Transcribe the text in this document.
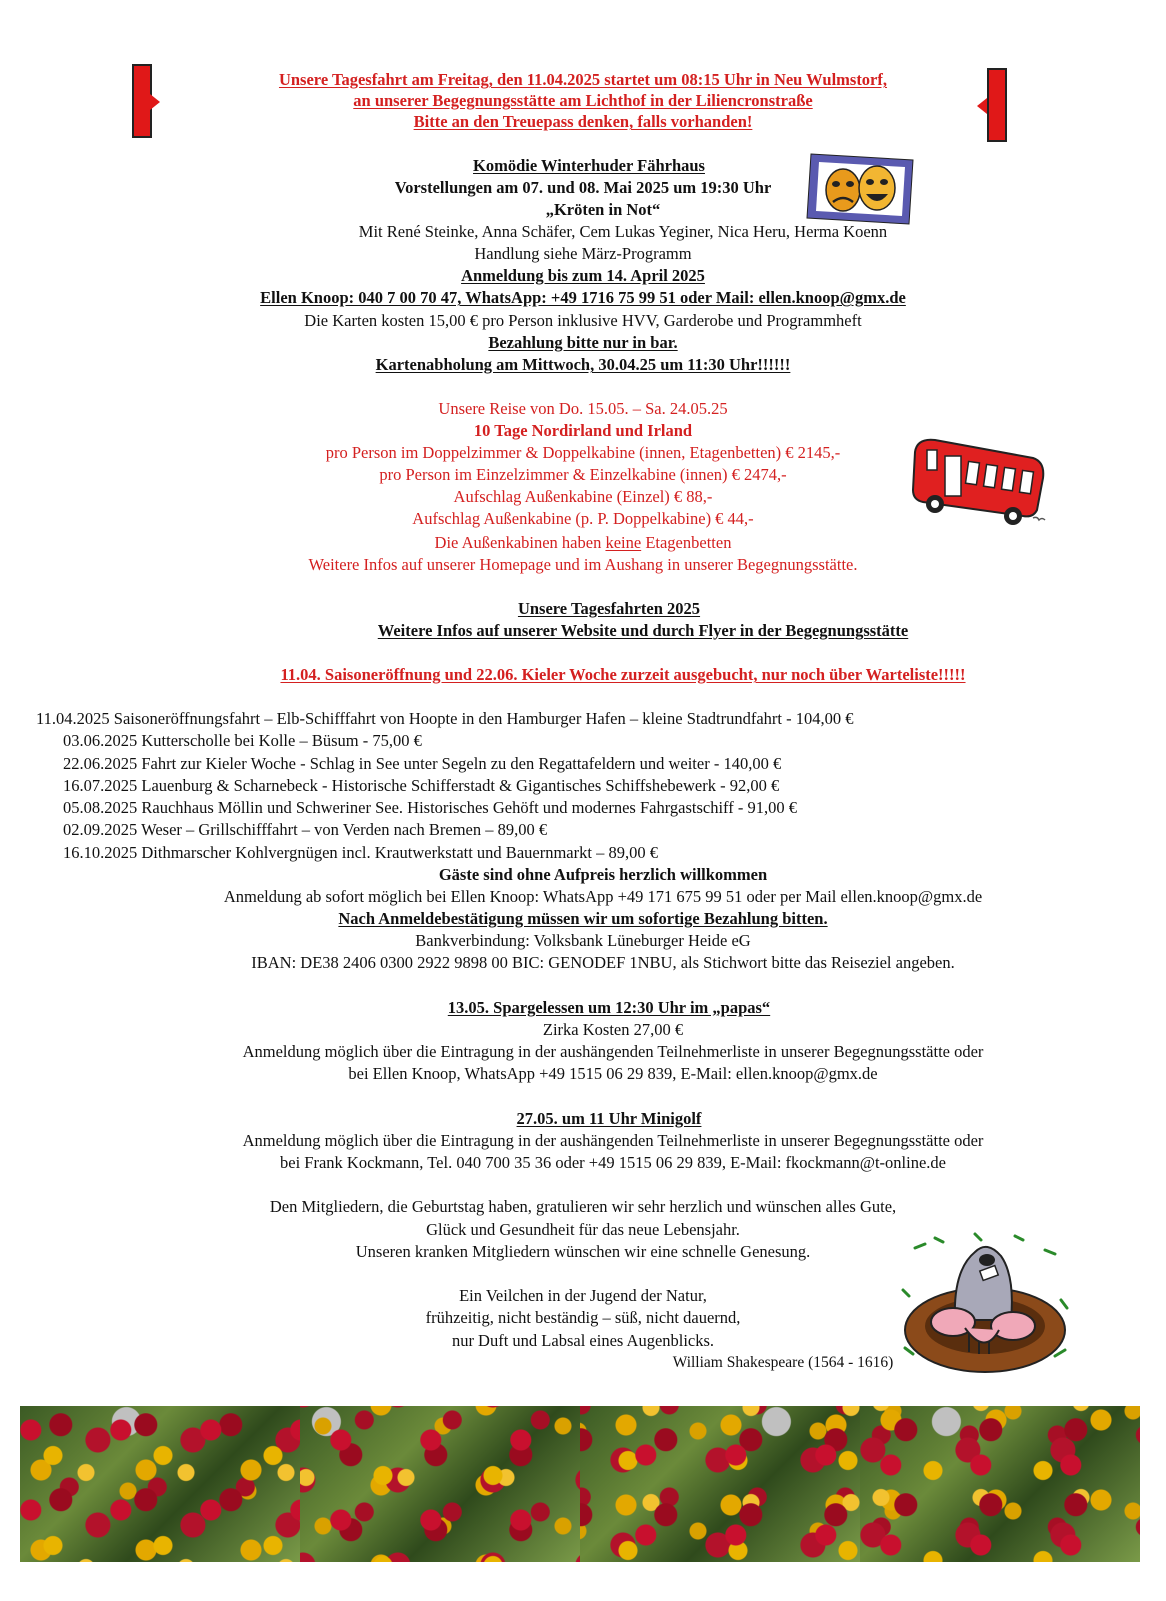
Unsere Tagesfahrt am Freitag, den 11.04.2025 startet um 08:15 Uhr in Neu Wulmstorf,
an unserer Begegnungsstätte am Lichthof in der Liliencronstraße
Bitte an den Treuepass denken, falls vorhanden!
Komödie Winterhuder Fährhaus
Vorstellungen am 07. und 08. Mai 2025 um 19:30 Uhr
„Kröten in Not“
Mit René Steinke, Anna Schäfer, Cem Lukas Yeginer, Nica Heru, Herma Koenn
Handlung siehe März-Programm
Anmeldung bis zum 14. April 2025
Ellen Knoop: 040 7 00 70 47, WhatsApp: +49 1716 75 99 51 oder Mail: ellen.knoop@gmx.de
Die Karten kosten 15,00 € pro Person inklusive HVV, Garderobe und Programmheft
Bezahlung bitte nur in bar.
Kartenabholung am Mittwoch, 30.04.25 um 11:30 Uhr!!!!!!
Unsere Reise von Do. 15.05. – Sa. 24.05.25
10 Tage Nordirland und Irland
pro Person im Doppelzimmer & Doppelkabine (innen, Etagenbetten) € 2145,-
pro Person im Einzelzimmer & Einzelkabine (innen) € 2474,-
Aufschlag Außenkabine (Einzel) € 88,-
Aufschlag Außenkabine (p. P. Doppelkabine) € 44,-
Die Außenkabinen haben keine Etagenbetten
Weitere Infos auf unserer Homepage und im Aushang in unserer Begegnungsstätte.
Unsere Tagesfahrten 2025
Weitere Infos auf unserer Website und durch Flyer in der Begegnungsstätte
11.04. Saisoneröffnung und 22.06. Kieler Woche zurzeit ausgebucht, nur noch über Warteliste!!!!!
11.04.2025 Saisoneröffnungsfahrt – Elb-Schifffahrt von Hoopte in den Hamburger Hafen – kleine Stadtrundfahrt - 104,00 €
03.06.2025 Kutterscholle bei Kolle – Büsum - 75,00 €
22.06.2025 Fahrt zur Kieler Woche - Schlag in See unter Segeln zu den Regattafeldern und weiter - 140,00 €
16.07.2025 Lauenburg & Scharnebeck - Historische Schifferstadt & Gigantisches Schiffshebewerk - 92,00 €
05.08.2025 Rauchhaus Möllin und Schweriner See. Historisches Gehöft und modernes Fahrgastschiff - 91,00 €
02.09.2025 Weser – Grillschifffahrt – von Verden nach Bremen – 89,00 €
16.10.2025 Dithmarscher Kohlvergnügen incl. Krautwerkstatt und Bauernmarkt – 89,00 €
Gäste sind ohne Aufpreis herzlich willkommen
Anmeldung ab sofort möglich bei Ellen Knoop: WhatsApp +49 171 675 99 51 oder per Mail ellen.knoop@gmx.de
Nach Anmeldebestätigung müssen wir um sofortige Bezahlung bitten.
Bankverbindung: Volksbank Lüneburger Heide eG
IBAN: DE38 2406 0300 2922 9898 00 BIC: GENODEF 1NBU, als Stichwort bitte das Reiseziel angeben.
13.05. Spargelessen um 12:30 Uhr im „papas“
Zirka Kosten 27,00 €
Anmeldung möglich über die Eintragung in der aushängenden Teilnehmerliste in unserer Begegnungsstätte oder
bei Ellen Knoop, WhatsApp +49 1515 06 29 839, E-Mail: ellen.knoop@gmx.de
27.05. um 11 Uhr Minigolf
Anmeldung möglich über die Eintragung in der aushängenden Teilnehmerliste in unserer Begegnungsstätte oder
bei Frank Kockmann, Tel. 040 700 35 36 oder +49 1515 06 29 839, E-Mail: fkockmann@t-online.de
Den Mitgliedern, die Geburtstag haben, gratulieren wir sehr herzlich und wünschen alles Gute,
Glück und Gesundheit für das neue Lebensjahr.
Unseren kranken Mitgliedern wünschen wir eine schnelle Genesung.
Ein Veilchen in der Jugend der Natur,
frühzeitig, nicht beständig – süß, nicht dauernd,
nur Duft und Labsal eines Augenblicks.
William Shakespeare (1564 - 1616)
